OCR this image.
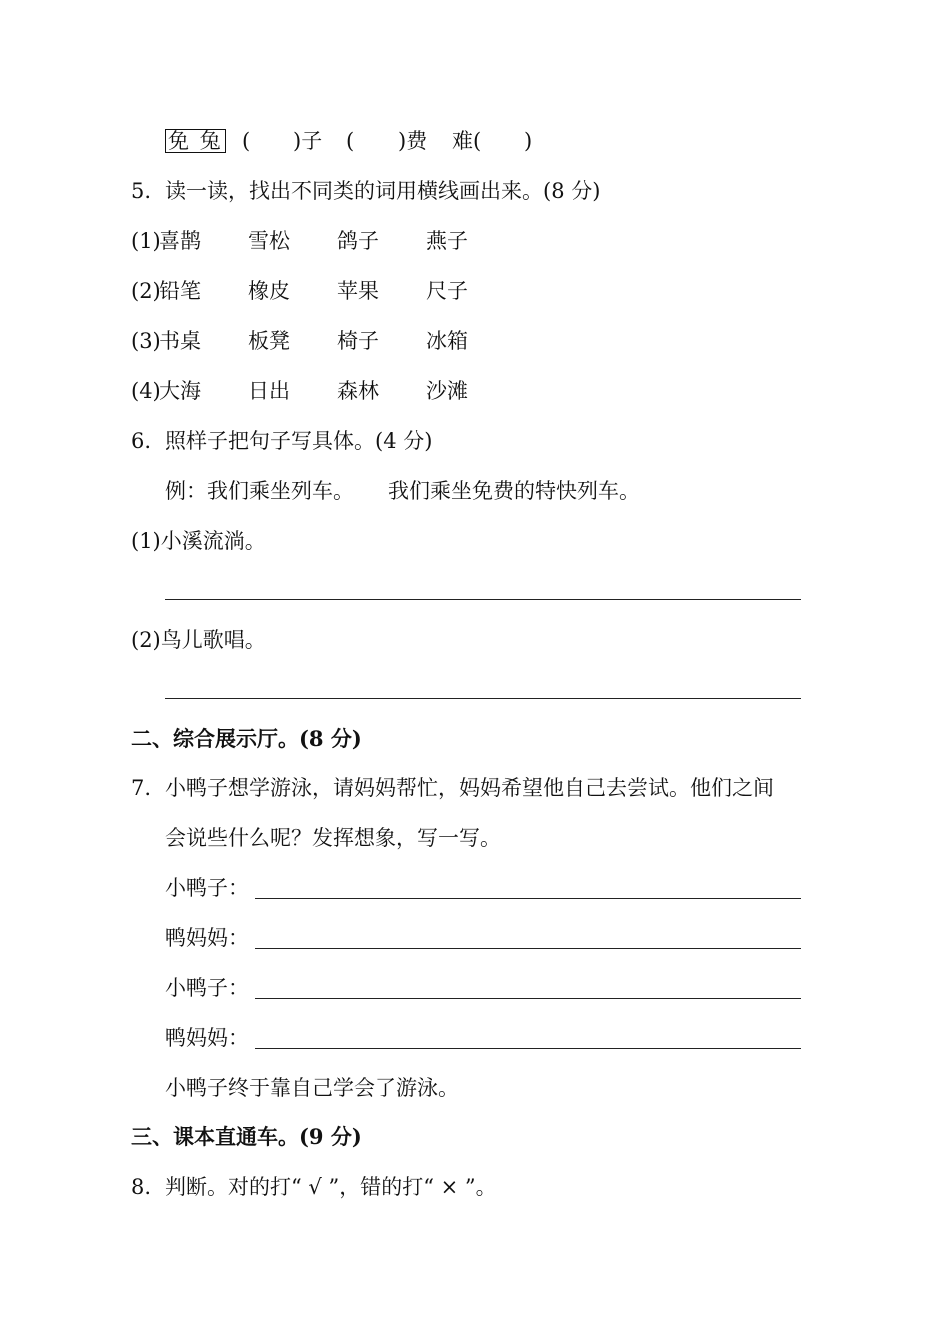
免 兔 ( )子 ( )费 难( )
5. 读一读，找出不同类的词用横线画出来。(8 分)
(1)
喜鹊 雪松 鸽子 燕子
(2)
铅笔 橡皮 苹果 尺子
(3)
书桌 板凳 椅子 冰箱
(4)
大海 日出 森林 沙滩
6. 照样子把句子写具体。(4 分)
例：我们乘坐列车。 我们乘坐免费的特快列车。
(1)小溪流淌。
(2)鸟儿歌唱。
二、综合展示厅。(8 分)
7. 小鸭子想学游泳，请妈妈帮忙，妈妈希望他自己去尝试。他们之间
会说些什么呢？发挥想象，写一写。
小鸭子：
鸭妈妈：
小鸭子：
鸭妈妈：
小鸭子终于靠自己学会了游泳。
三、课本直通车。(9 分)
8. 判断。对的打“ √ ”，错的打“ × ”。
